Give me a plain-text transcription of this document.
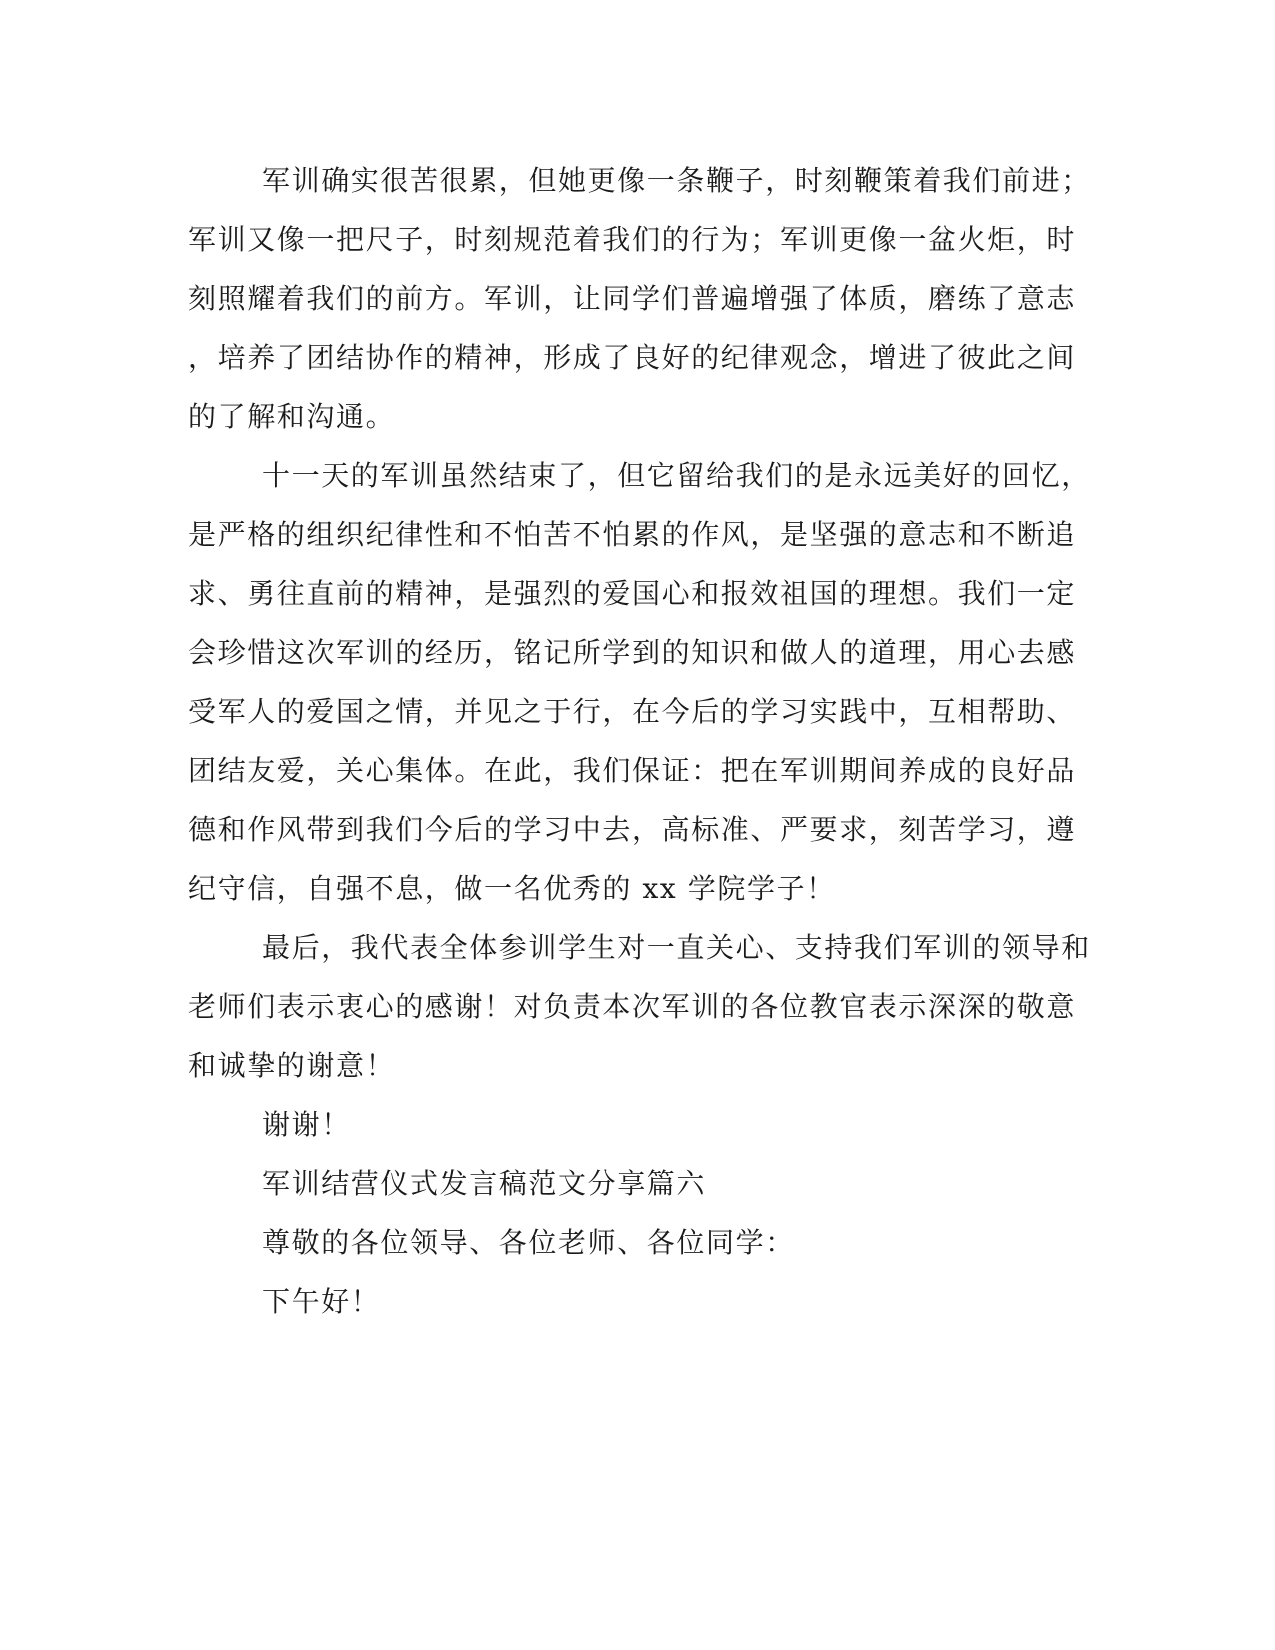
军训确实很苦很累，但她更像一条鞭子，时刻鞭策着我们前进；
军训又像一把尺子，时刻规范着我们的行为；军训更像一盆火炬，时
刻照耀着我们的前方。军训，让同学们普遍增强了体质，磨练了意志
，培养了团结协作的精神，形成了良好的纪律观念，增进了彼此之间
的了解和沟通。
十一天的军训虽然结束了，但它留给我们的是永远美好的回忆，
是严格的组织纪律性和不怕苦不怕累的作风，是坚强的意志和不断追
求、勇往直前的精神，是强烈的爱国心和报效祖国的理想。我们一定
会珍惜这次军训的经历，铭记所学到的知识和做人的道理，用心去感
受军人的爱国之情，并见之于行，在今后的学习实践中，互相帮助、
团结友爱，关心集体。在此，我们保证：把在军训期间养成的良好品
德和作风带到我们今后的学习中去，高标准、严要求，刻苦学习，遵
纪守信，自强不息，做一名优秀的 xx 学院学子！
最后，我代表全体参训学生对一直关心、支持我们军训的领导和
老师们表示衷心的感谢！对负责本次军训的各位教官表示深深的敬意
和诚挚的谢意！
谢谢！
军训结营仪式发言稿范文分享篇六
尊敬的各位领导、各位老师、各位同学：
下午好！
